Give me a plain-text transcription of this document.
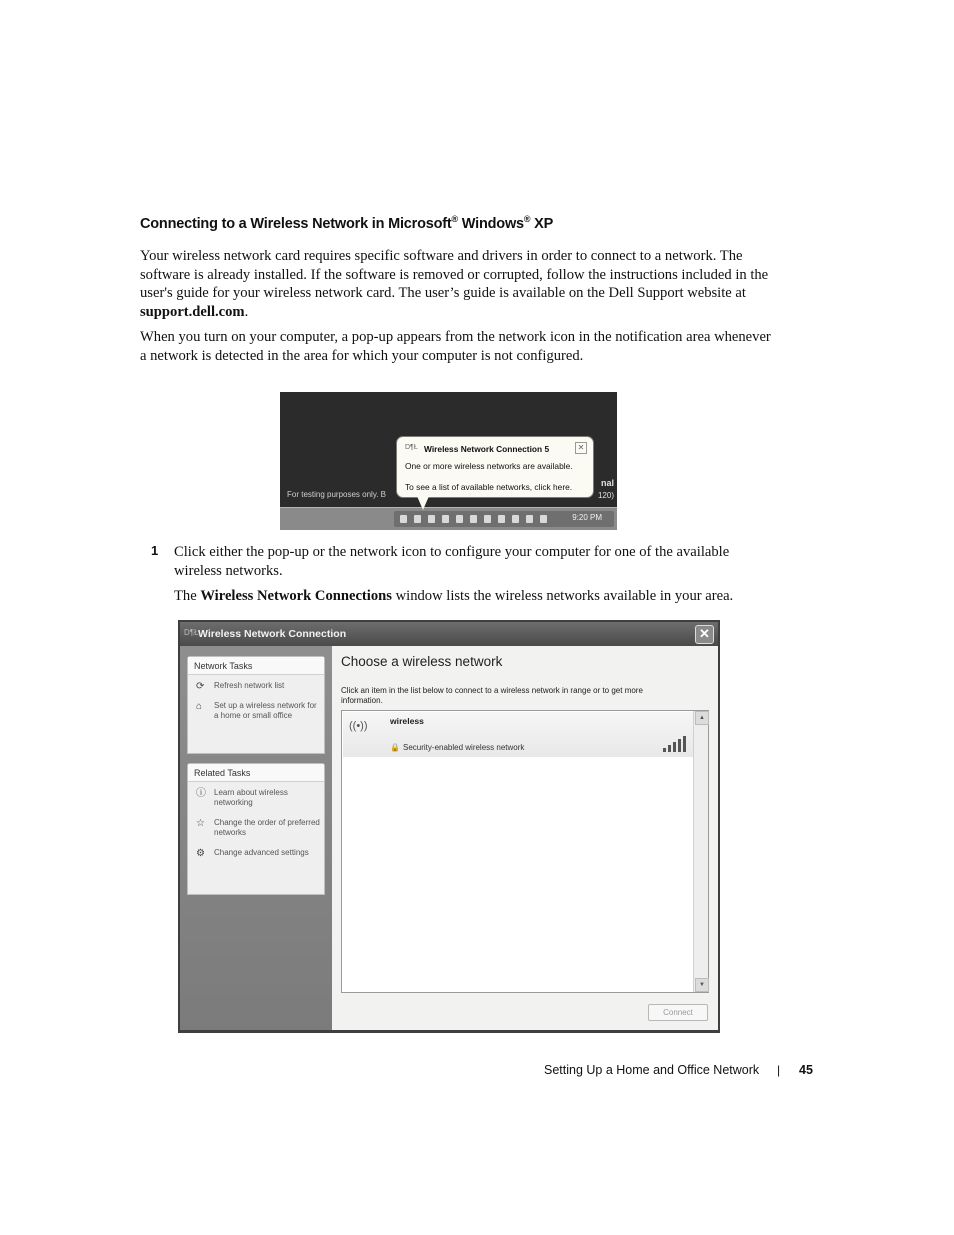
Connecting to a Wireless Network in Microsoft® Windows® XP

Your wireless network card requires specific software and drivers in order to connect to a network. The software is already installed. If the software is removed or corrupted, follow the instructions included in the user's guide for your wireless network card. The user’s guide is available on the Dell Support website at support.dell.com.

When you turn on your computer, a pop-up appears from the network icon in the notification area whenever a network is detected in the area for which your computer is not configured.

For testing purposes only. B
nal
120)
9:20 PM
D¶Ł Wireless Network Connection 5	✕
One or more wireless networks are available.
To see a list of available networks, click here.
1 Click either the pop-up or the network icon to configure your computer for one of the available wireless networks.

The Wireless Network Connections window lists the wireless networks available in your area.

D¶Ł Wireless Network Connection	✕
Network Tasks
⟳ Refresh network list
⌂ Set up a wireless network for a home or small office
Related Tasks
ⓘ Learn about wireless networking
☆ Change the order of preferred networks
⚙ Change advanced settings
Choose a wireless network
Click an item in the list below to connect to a wireless network in range or to get more information.
((•))	wireless
🔒 Security-enabled wireless network
▲
▼
Connect
Setting Up a Home and Office Network | 45
